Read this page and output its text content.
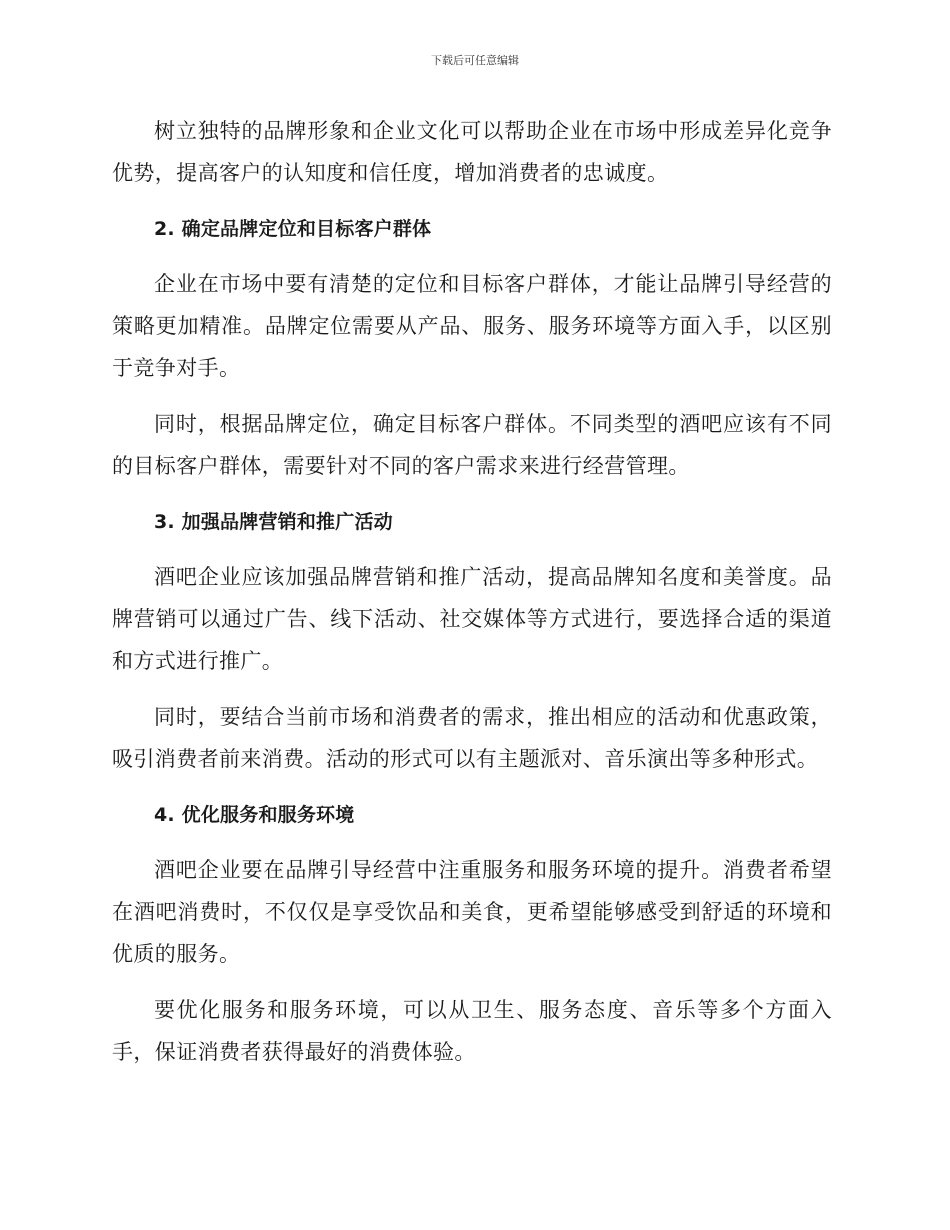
下载后可任意编辑

树立独特的品牌形象和企业文化可以帮助企业在市场中形成差异化竞争优势，提高客户的认知度和信任度，增加消费者的忠诚度。

2. 确定品牌定位和目标客户群体

企业在市场中要有清楚的定位和目标客户群体，才能让品牌引导经营的策略更加精准。品牌定位需要从产品、服务、服务环境等方面入手，以区别于竞争对手。

同时，根据品牌定位，确定目标客户群体。不同类型的酒吧应该有不同的目标客户群体，需要针对不同的客户需求来进行经营管理。

3. 加强品牌营销和推广活动

酒吧企业应该加强品牌营销和推广活动，提高品牌知名度和美誉度。品牌营销可以通过广告、线下活动、社交媒体等方式进行，要选择合适的渠道和方式进行推广。

同时，要结合当前市场和消费者的需求，推出相应的活动和优惠政策，吸引消费者前来消费。活动的形式可以有主题派对、音乐演出等多种形式。

4. 优化服务和服务环境

酒吧企业要在品牌引导经营中注重服务和服务环境的提升。消费者希望在酒吧消费时，不仅仅是享受饮品和美食，更希望能够感受到舒适的环境和优质的服务。

要优化服务和服务环境，可以从卫生、服务态度、音乐等多个方面入手，保证消费者获得最好的消费体验。
